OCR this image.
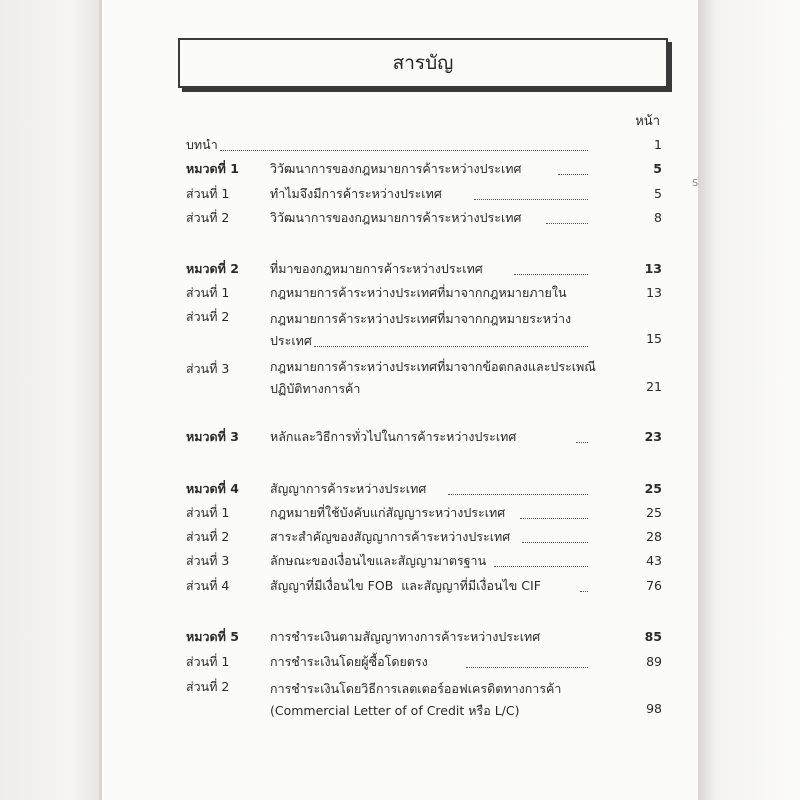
S
สารบัญ
หน้า
บทนำ	1
หมวดที่ 1 วิวัฒนาการของกฎหมายการค้าระหว่างประเทศ	5
ส่วนที่ 1	ทำไมจึงมีการค้าระหว่างประเทศ	5
ส่วนที่ 2	วิวัฒนาการของกฎหมายการค้าระหว่างประเทศ	8
หมวดที่ 2 ที่มาของกฎหมายการค้าระหว่างประเทศ	13
ส่วนที่ 1	กฎหมายการค้าระหว่างประเทศที่มาจากกฎหมายภายใน	13
ส่วนที่ 2	กฎหมายการค้าระหว่างประเทศที่มาจากกฎหมายระหว่าง
ประเทศ	15
ส่วนที่ 3	กฎหมายการค้าระหว่างประเทศที่มาจากข้อตกลงและประเพณี
ปฏิบัติทางการค้า	21
หมวดที่ 3 หลักและวิธีการทั่วไปในการค้าระหว่างประเทศ	23
หมวดที่ 4 สัญญาการค้าระหว่างประเทศ	25
ส่วนที่ 1	กฎหมายที่ใช้บังคับแก่สัญญาระหว่างประเทศ	25
ส่วนที่ 2	สาระสำคัญของสัญญาการค้าระหว่างประเทศ	28
ส่วนที่ 3	ลักษณะของเงื่อนไขและสัญญามาตรฐาน	43
ส่วนที่ 4	สัญญาที่มีเงื่อนไข FOB  และสัญญาที่มีเงื่อนไข CIF	76
หมวดที่ 5 การชำระเงินตามสัญญาทางการค้าระหว่างประเทศ	85
ส่วนที่ 1	การชำระเงินโดยผู้ซื้อโดยตรง	89
ส่วนที่ 2	การชำระเงินโดยวิธีการเลตเตอร์ออฟเครดิตทางการค้า
(Commercial Letter of of Credit หรือ L/C)	98
